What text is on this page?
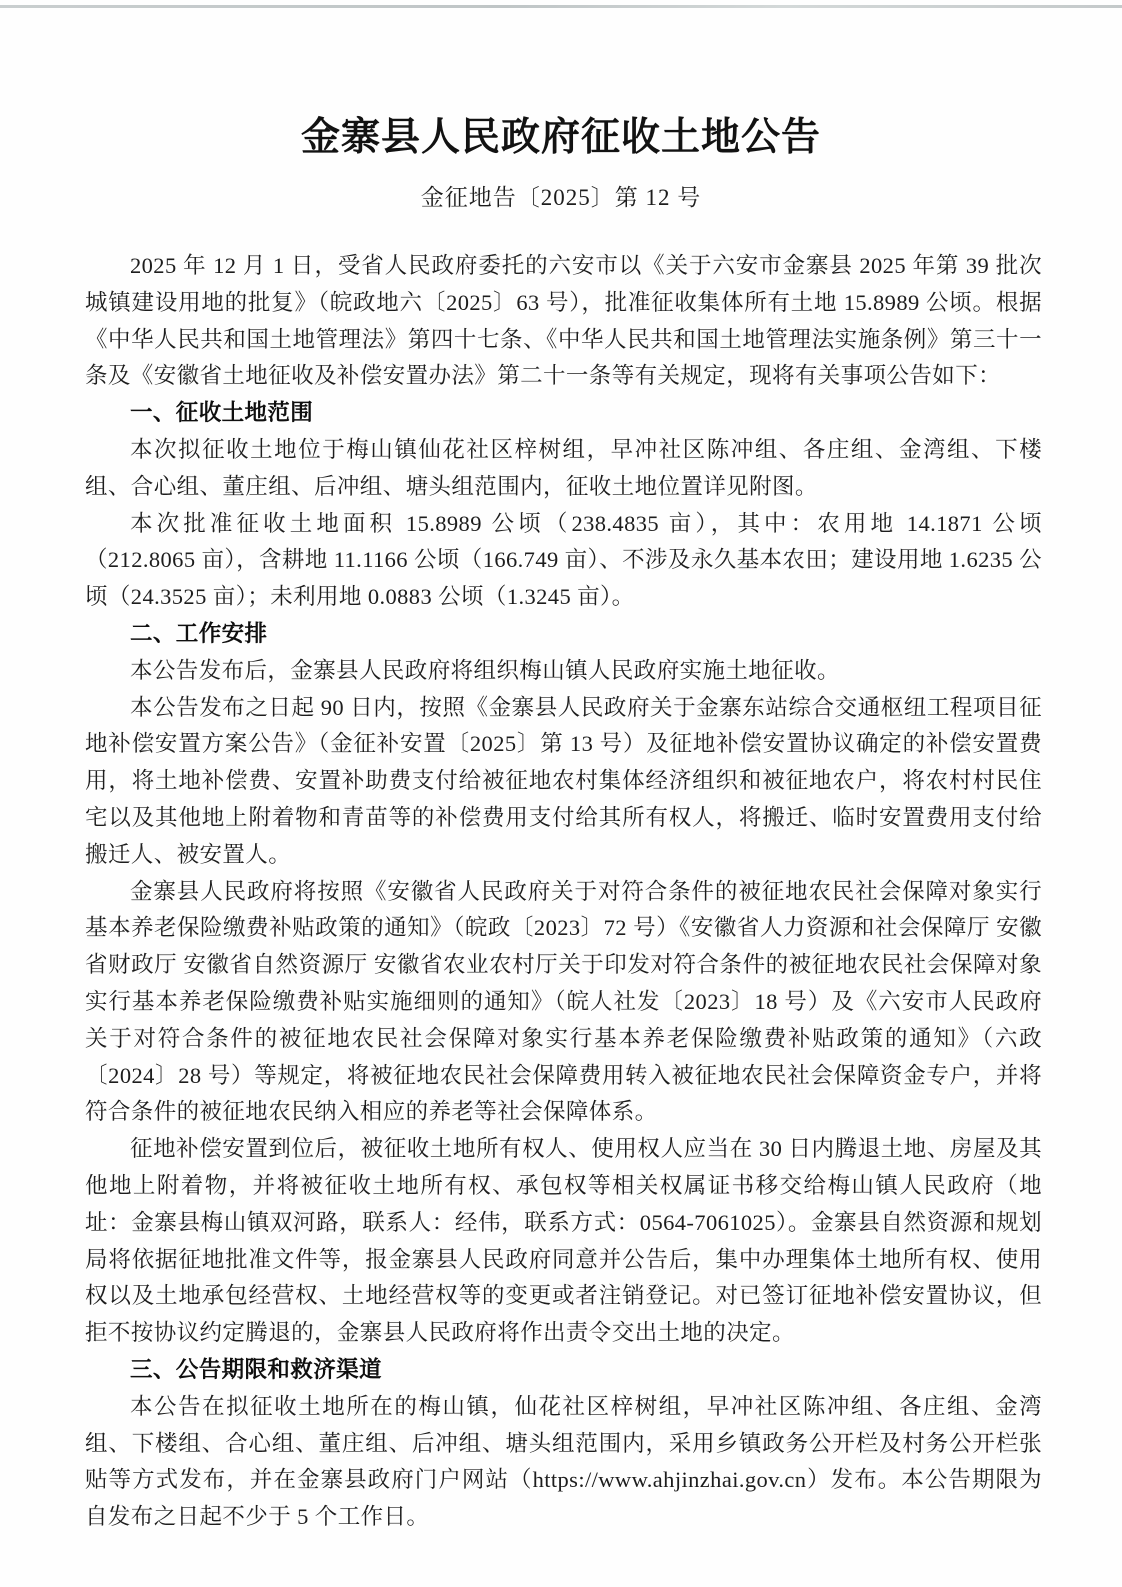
金寨县人民政府征收土地公告
金征地告〔2025〕第 12 号

2025 年 12 月 1 日，受省人民政府委托的六安市以《关于六安市金寨县 2025 年第 39 批次城镇建设用地的批复》（皖政地六〔2025〕63 号），批准征收集体所有土地 15.8989 公顷。根据《中华人民共和国土地管理法》第四十七条、《中华人民共和国土地管理法实施条例》第三十一条及《安徽省土地征收及补偿安置办法》第二十一条等有关规定，现将有关事项公告如下：

一、征收土地范围

本次拟征收土地位于梅山镇仙花社区梓树组，早冲社区陈冲组、各庄组、金湾组、下楼组、合心组、董庄组、后冲组、塘头组范围内，征收土地位置详见附图。

本次批准征收土地面积 15.8989 公顷（238.4835 亩），其中：农用地 14.1871 公顷（212.8065 亩），含耕地 11.1166 公顷（166.749 亩）、不涉及永久基本农田；建设用地 1.6235 公顷（24.3525 亩）；未利用地 0.0883 公顷（1.3245 亩）。

二、工作安排

本公告发布后，金寨县人民政府将组织梅山镇人民政府实施土地征收。

本公告发布之日起 90 日内，按照《金寨县人民政府关于金寨东站综合交通枢纽工程项目征地补偿安置方案公告》（金征补安置〔2025〕第 13 号）及征地补偿安置协议确定的补偿安置费用，将土地补偿费、安置补助费支付给被征地农村集体经济组织和被征地农户，将农村村民住宅以及其他地上附着物和青苗等的补偿费用支付给其所有权人，将搬迁、临时安置费用支付给搬迁人、被安置人。

金寨县人民政府将按照《安徽省人民政府关于对符合条件的被征地农民社会保障对象实行基本养老保险缴费补贴政策的通知》（皖政〔2023〕72 号）《安徽省人力资源和社会保障厅 安徽省财政厅 安徽省自然资源厅 安徽省农业农村厅关于印发对符合条件的被征地农民社会保障对象实行基本养老保险缴费补贴实施细则的通知》（皖人社发〔2023〕18 号）及《六安市人民政府关于对符合条件的被征地农民社会保障对象实行基本养老保险缴费补贴政策的通知》（六政〔2024〕28 号）等规定，将被征地农民社会保障费用转入被征地农民社会保障资金专户，并将符合条件的被征地农民纳入相应的养老等社会保障体系。

征地补偿安置到位后，被征收土地所有权人、使用权人应当在 30 日内腾退土地、房屋及其他地上附着物，并将被征收土地所有权、承包权等相关权属证书移交给梅山镇人民政府（地址：金寨县梅山镇双河路，联系人：经伟，联系方式：0564-7061025）。金寨县自然资源和规划局将依据征地批准文件等，报金寨县人民政府同意并公告后，集中办理集体土地所有权、使用权以及土地承包经营权、土地经营权等的变更或者注销登记。对已签订征地补偿安置协议，但拒不按协议约定腾退的，金寨县人民政府将作出责令交出土地的决定。

三、公告期限和救济渠道

本公告在拟征收土地所在的梅山镇，仙花社区梓树组，早冲社区陈冲组、各庄组、金湾组、下楼组、合心组、董庄组、后冲组、塘头组范围内，采用乡镇政务公开栏及村务公开栏张贴等方式发布，并在金寨县政府门户网站（https://www.ahjinzhai.gov.cn）发布。本公告期限为自发布之日起不少于 5 个工作日。
